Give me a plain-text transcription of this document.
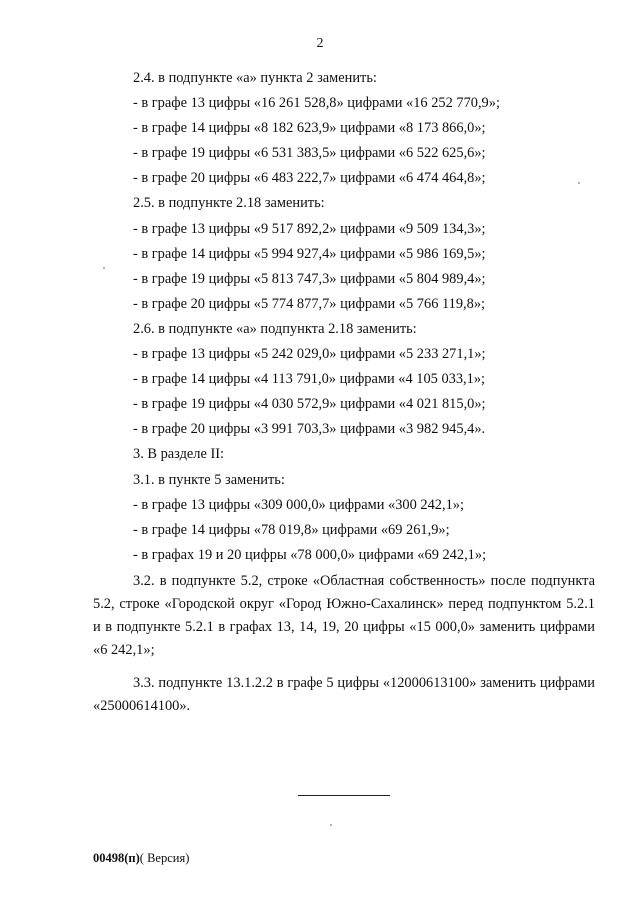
2
2.4. в подпункте «а» пункта 2 заменить:
- в графе 13 цифры «16 261 528,8» цифрами «16 252 770,9»;
- в графе 14 цифры «8 182 623,9» цифрами «8 173 866,0»;
- в графе 19 цифры «6 531 383,5» цифрами «6 522 625,6»;
- в графе 20 цифры «6 483 222,7» цифрами «6 474 464,8»;
2.5. в подпункте 2.18 заменить:
- в графе 13 цифры «9 517 892,2» цифрами «9 509 134,3»;
- в графе 14 цифры «5 994 927,4» цифрами «5 986 169,5»;
- в графе 19 цифры «5 813 747,3» цифрами «5 804 989,4»;
- в графе 20 цифры «5 774 877,7» цифрами «5 766 119,8»;
2.6. в подпункте «а» подпункта 2.18 заменить:
- в графе 13 цифры «5 242 029,0» цифрами «5 233 271,1»;
- в графе 14 цифры «4 113 791,0» цифрами «4 105 033,1»;
- в графе 19 цифры «4 030 572,9» цифрами «4 021 815,0»;
- в графе 20 цифры «3 991 703,3» цифрами «3 982 945,4».
3. В разделе II:
3.1. в пункте 5 заменить:
- в графе 13 цифры «309 000,0» цифрами «300 242,1»;
- в графе 14 цифры «78 019,8» цифрами «69 261,9»;
- в графах 19 и 20 цифры «78 000,0» цифрами «69 242,1»;
3.2. в подпункте 5.2, строке «Областная собственность» после подпункта 5.2, строке «Городской округ «Город Южно-Сахалинск» перед подпунктом 5.2.1 и в подпункте 5.2.1 в графах 13, 14, 19, 20 цифры «15 000,0» заменить цифрами «6 242,1»;
3.3. подпункте 13.1.2.2 в графе 5 цифры «12000613100» заменить цифрами «25000614100».
00498(п)( Версия)
